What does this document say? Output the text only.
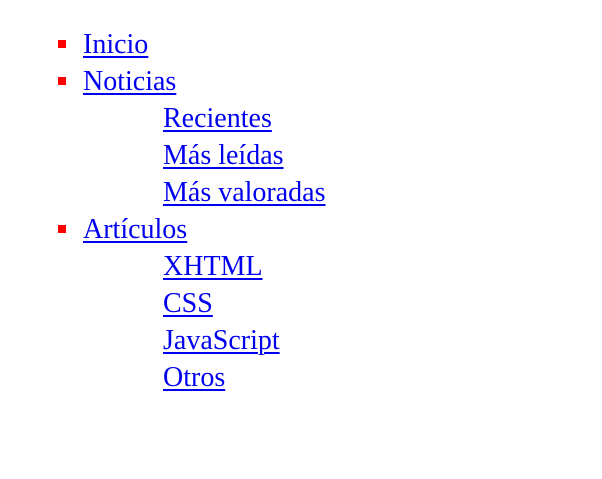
Inicio
Noticias
Recientes
Más leídas
Más valoradas
Artículos
XHTML
CSS
JavaScript
Otros
